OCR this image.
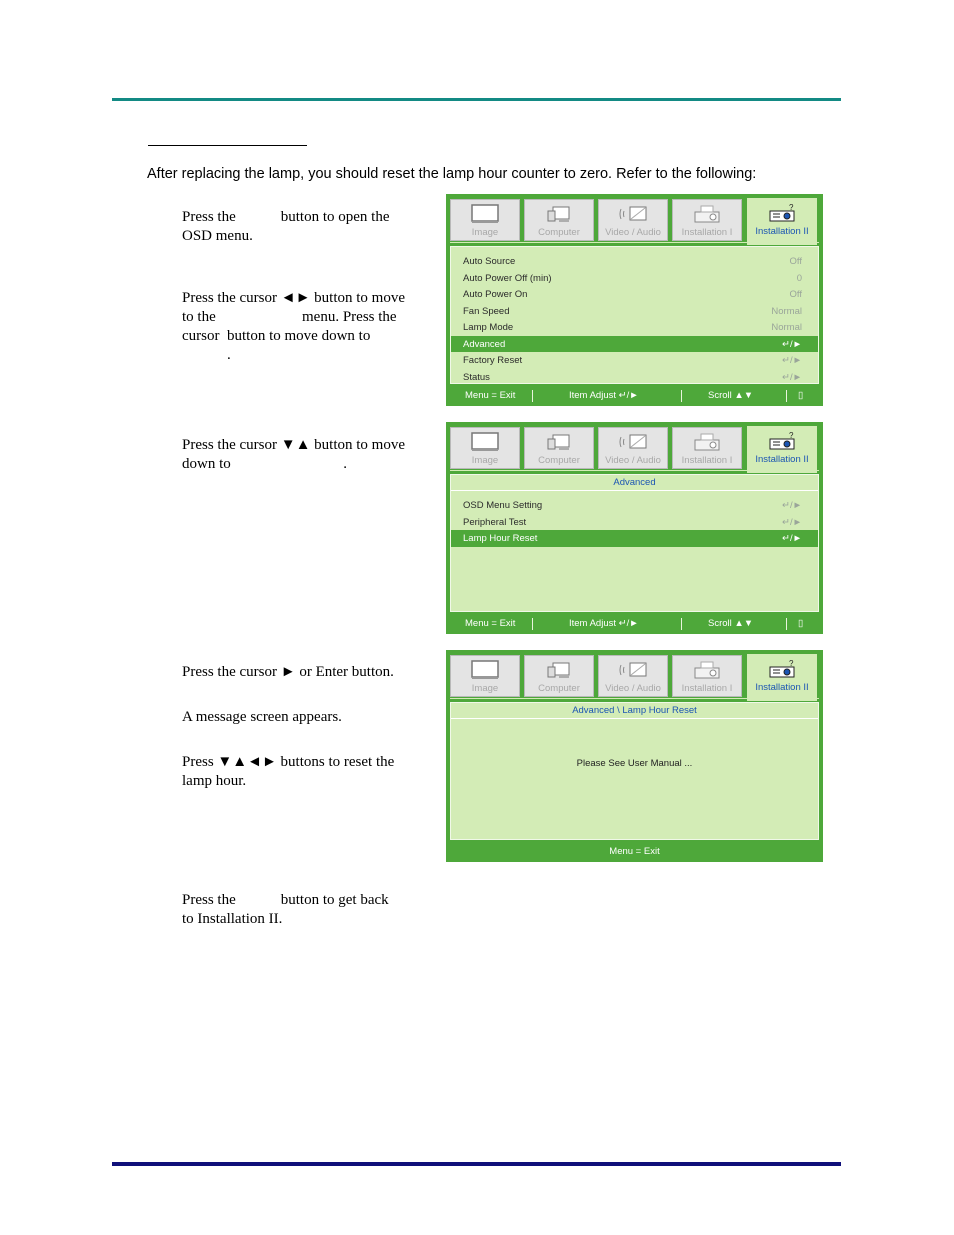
After replacing the lamp, you should reset the lamp hour counter to zero. Refer to the following:

Press the            button to open the

OSD menu.

Press the cursor ◄► button to move

to the                       menu. Press the

cursor  button to move down to

.

Press the cursor ▼▲ button to move

down to                              .

Press the cursor ► or Enter button.

A message screen appears.

Press ▼▲◄► buttons to reset the

lamp hour.

Press the            button to get back

to Installation II.

Image	Computer	Video / Audio	Installation I
?
Installation II
Auto Source	Off
Auto Power Off (min)	0
Auto Power On	Off
Fan Speed	Normal
Lamp Mode	Normal
Advanced	↵/►
Factory Reset	↵/►
Status	↵/►
Menu = Exit	Item Adjust ↵/►	Scroll ▲▼	▯
Image	Computer	Video / Audio	Installation I
?
Installation II
Advanced
OSD Menu Setting	↵/►
Peripheral Test	↵/►
Lamp Hour Reset	↵/►
Menu = Exit	Item Adjust ↵/►	Scroll ▲▼	▯
Image	Computer	Video / Audio	Installation I
?
Installation II
Advanced \ Lamp Hour Reset
Please See User Manual ...
Menu = Exit
